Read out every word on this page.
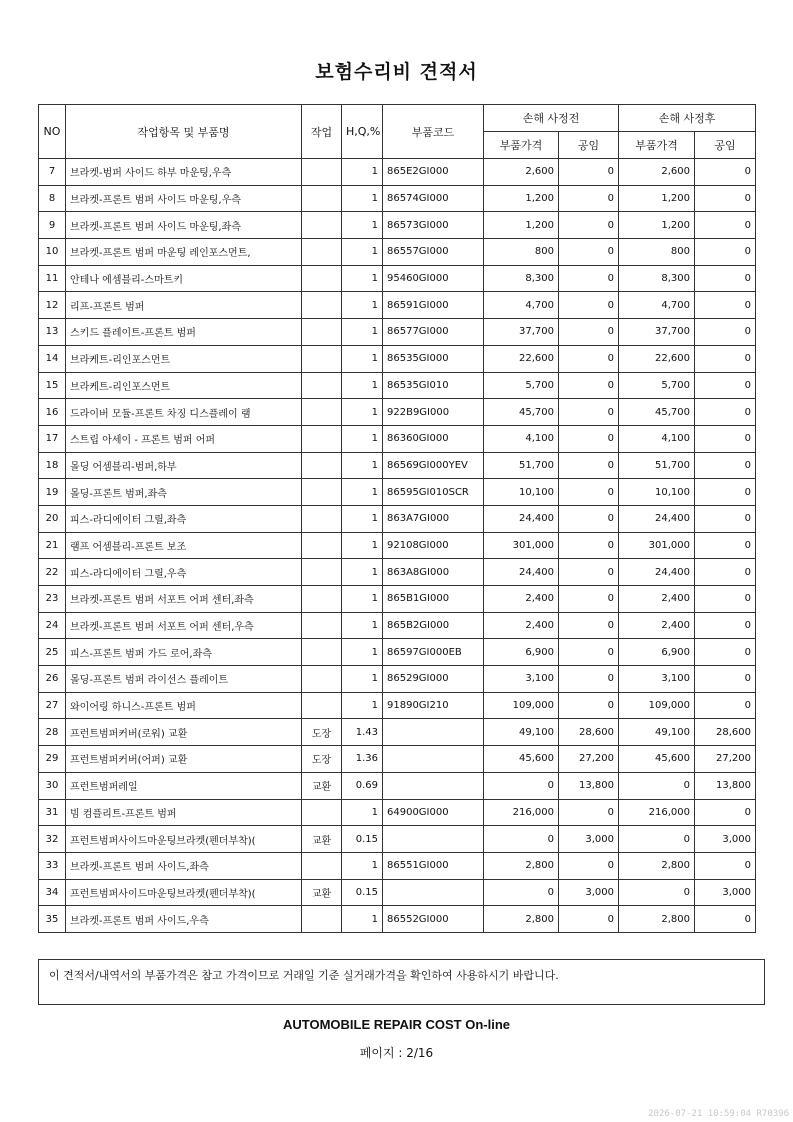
보험수리비 견적서
NO	작업항목 및 부품명	작업	H,Q,%	부품코드	손해 사정전		손해 사정후	
					부품가격	공임	부품가격	공임
7	브라켓-범퍼 사이드 하부 마운팅,우측		1	865E2GI000	2,600	0	2,600	0
8	브라켓-프론트 범퍼 사이드 마운팅,우측		1	86574GI000	1,200	0	1,200	0
9	브라켓-프론트 범퍼 사이드 마운팅,좌측		1	86573GI000	1,200	0	1,200	0
10	브라켓-프론트 범퍼 마운팅 레인포스먼트,		1	86557GI000	800	0	800	0
11	안테나 에셈블리-스마트키		1	95460GI000	8,300	0	8,300	0
12	리프-프론트 범퍼		1	86591GI000	4,700	0	4,700	0
13	스키드 플레이트-프론트 범퍼		1	86577GI000	37,700	0	37,700	0
14	브라케트-리인포스먼트		1	86535GI000	22,600	0	22,600	0
15	브라케트-리인포스먼트		1	86535GI010	5,700	0	5,700	0
16	드라이버 모듈-프론트 차징 디스플레이 램		1	922B9GI000	45,700	0	45,700	0
17	스트립 아세이 - 프론트 범퍼 어퍼		1	86360GI000	4,100	0	4,100	0
18	몰딩 어셈블리-범퍼,하부		1	86569GI000YEV	51,700	0	51,700	0
19	몰딩-프론트 범퍼,좌측		1	86595GI010SCR	10,100	0	10,100	0
20	피스-라디에이터 그릴,좌측		1	863A7GI000	24,400	0	24,400	0
21	램프 어셈블리-프론트 보조		1	92108GI000	301,000	0	301,000	0
22	피스-라디에이터 그릴,우측		1	863A8GI000	24,400	0	24,400	0
23	브라켓-프론트 범퍼 서포트 어퍼 센터,좌측		1	865B1GI000	2,400	0	2,400	0
24	브라켓-프론트 범퍼 서포트 어퍼 센터,우측		1	865B2GI000	2,400	0	2,400	0
25	피스-프론트 범퍼 가드 로어,좌측		1	86597GI000EB	6,900	0	6,900	0
26	몰딩-프론트 범퍼 라이선스 플레이트		1	86529GI000	3,100	0	3,100	0
27	와이어링 하니스-프론트 범퍼		1	91890GI210	109,000	0	109,000	0
28	프런트범퍼커버(로워) 교환	도장	1.43		49,100	28,600	49,100	28,600
29	프런트범퍼커버(어퍼) 교환	도장	1.36		45,600	27,200	45,600	27,200
30	프런트범퍼레일	교환	0.69		0	13,800	0	13,800
31	빔 컴플리트-프론트 범퍼		1	64900GI000	216,000	0	216,000	0
32	프런트범퍼사이드마운팅브라켓(펜더부착)(	교환	0.15		0	3,000	0	3,000
33	브라켓-프론트 범퍼 사이드,좌측		1	86551GI000	2,800	0	2,800	0
34	프런트범퍼사이드마운팅브라켓(펜더부착)(	교환	0.15		0	3,000	0	3,000
35	브라켓-프론트 범퍼 사이드,우측		1	86552GI000	2,800	0	2,800	0
이 견적서/내역서의 부품가격은 참고 가격이므로 거래일 기준 실거래가격을 확인하여 사용하시기 바랍니다.
AUTOMOBILE REPAIR COST On-line
페이지 : 2/16
2026-07-21 10:59:04 R70396
